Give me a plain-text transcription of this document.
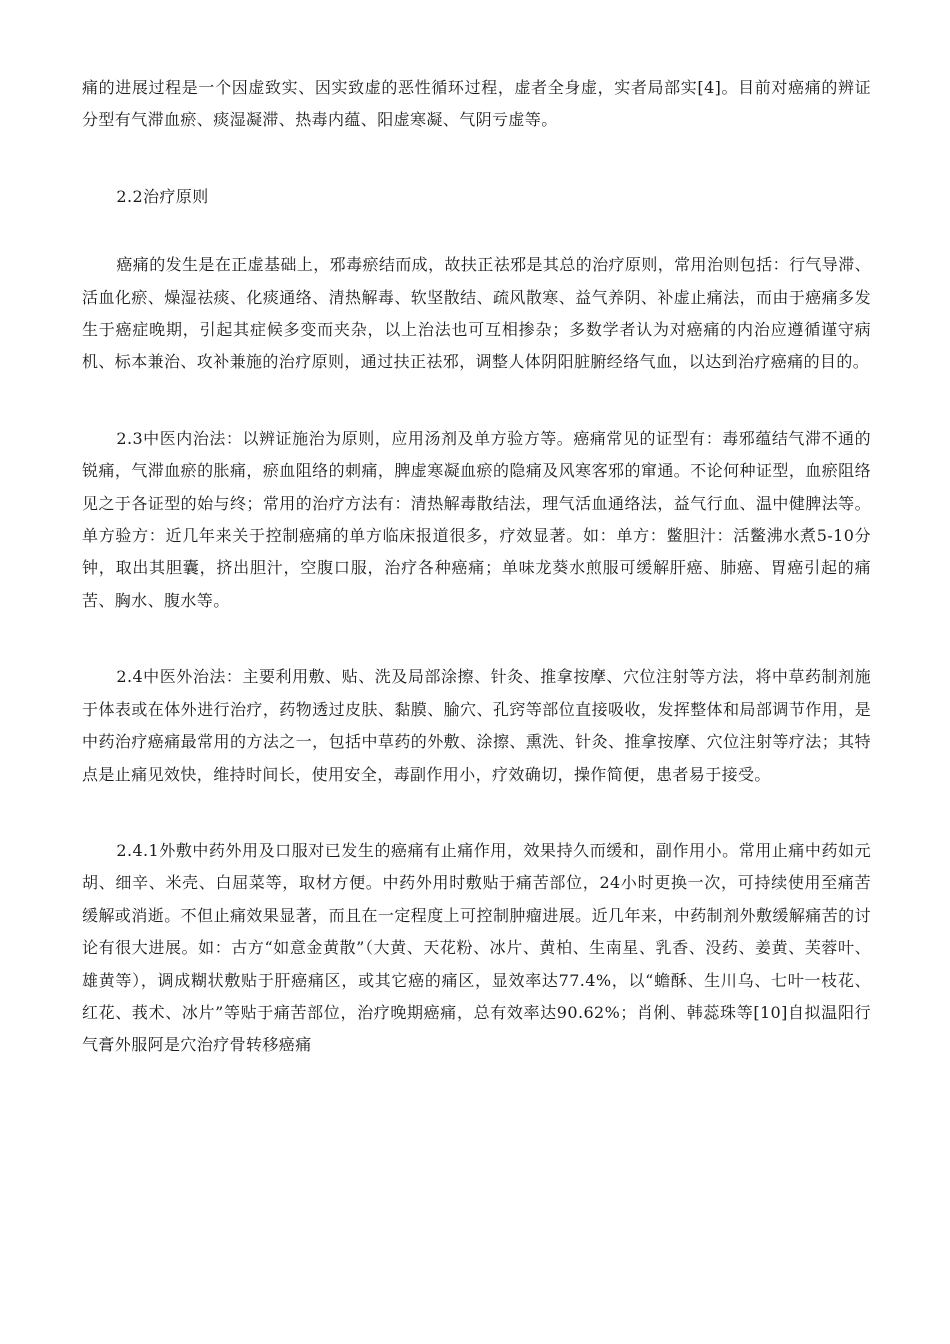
痛的进展过程是一个因虚致实、因实致虚的恶性循环过程，虚者全身虚，实者局部实[4]。目前对癌痛的辨证分型有气滞血瘀、痰湿凝滞、热毒内蕴、阳虚寒凝、气阴亏虚等。

2.2治疗原则

癌痛的发生是在正虚基础上，邪毒瘀结而成，故扶正祛邪是其总的治疗原则，常用治则包括：行气导滞、活血化瘀、燥湿祛痰、化痰通络、清热解毒、软坚散结、疏风散寒、益气养阴、补虚止痛法，而由于癌痛多发生于癌症晚期，引起其症候多变而夹杂，以上治法也可互相掺杂；多数学者认为对癌痛的内治应遵循谨守病机、标本兼治、攻补兼施的治疗原则，通过扶正祛邪，调整人体阴阳脏腑经络气血，以达到治疗癌痛的目的。

2.3中医内治法：以辨证施治为原则，应用汤剂及单方验方等。癌痛常见的证型有：毒邪蕴结气滞不通的锐痛，气滞血瘀的胀痛，瘀血阻络的刺痛，脾虚寒凝血瘀的隐痛及风寒客邪的窜通。不论何种证型，血瘀阻络见之于各证型的始与终；常用的治疗方法有：清热解毒散结法，理气活血通络法，益气行血、温中健脾法等。单方验方：近几年来关于控制癌痛的单方临床报道很多，疗效显著。如：单方：鳖胆汁：活鳖沸水煮5-10分钟，取出其胆囊，挤出胆汁，空腹口服，治疗各种癌痛；单味龙葵水煎服可缓解肝癌、肺癌、胃癌引起的痛苦、胸水、腹水等。

2.4中医外治法：主要利用敷、贴、洗及局部涂擦、针灸、推拿按摩、穴位注射等方法，将中草药制剂施于体表或在体外进行治疗，药物透过皮肤、黏膜、腧穴、孔窍等部位直接吸收，发挥整体和局部调节作用，是中药治疗癌痛最常用的方法之一，包括中草药的外敷、涂擦、熏洗、针灸、推拿按摩、穴位注射等疗法；其特点是止痛见效快，维持时间长，使用安全，毒副作用小，疗效确切，操作简便，患者易于接受。

2.4.1外敷中药外用及口服对已发生的癌痛有止痛作用，效果持久而缓和，副作用小。常用止痛中药如元胡、细辛、米壳、白屈菜等，取材方便。中药外用时敷贴于痛苦部位，24小时更换一次，可持续使用至痛苦缓解或消逝。不但止痛效果显著，而且在一定程度上可控制肿瘤进展。近几年来，中药制剂外敷缓解痛苦的讨论有很大进展。如：古方“如意金黄散”（大黄、天花粉、冰片、黄柏、生南星、乳香、没药、姜黄、芙蓉叶、雄黄等），调成糊状敷贴于肝癌痛区，或其它癌的痛区，显效率达77.4%，以“蟾酥、生川乌、七叶一枝花、红花、莪术、冰片”等贴于痛苦部位，治疗晚期癌痛，总有效率达90.62%；肖俐、韩蕊珠等[10]自拟温阳行气膏外服阿是穴治疗骨转移癌痛
